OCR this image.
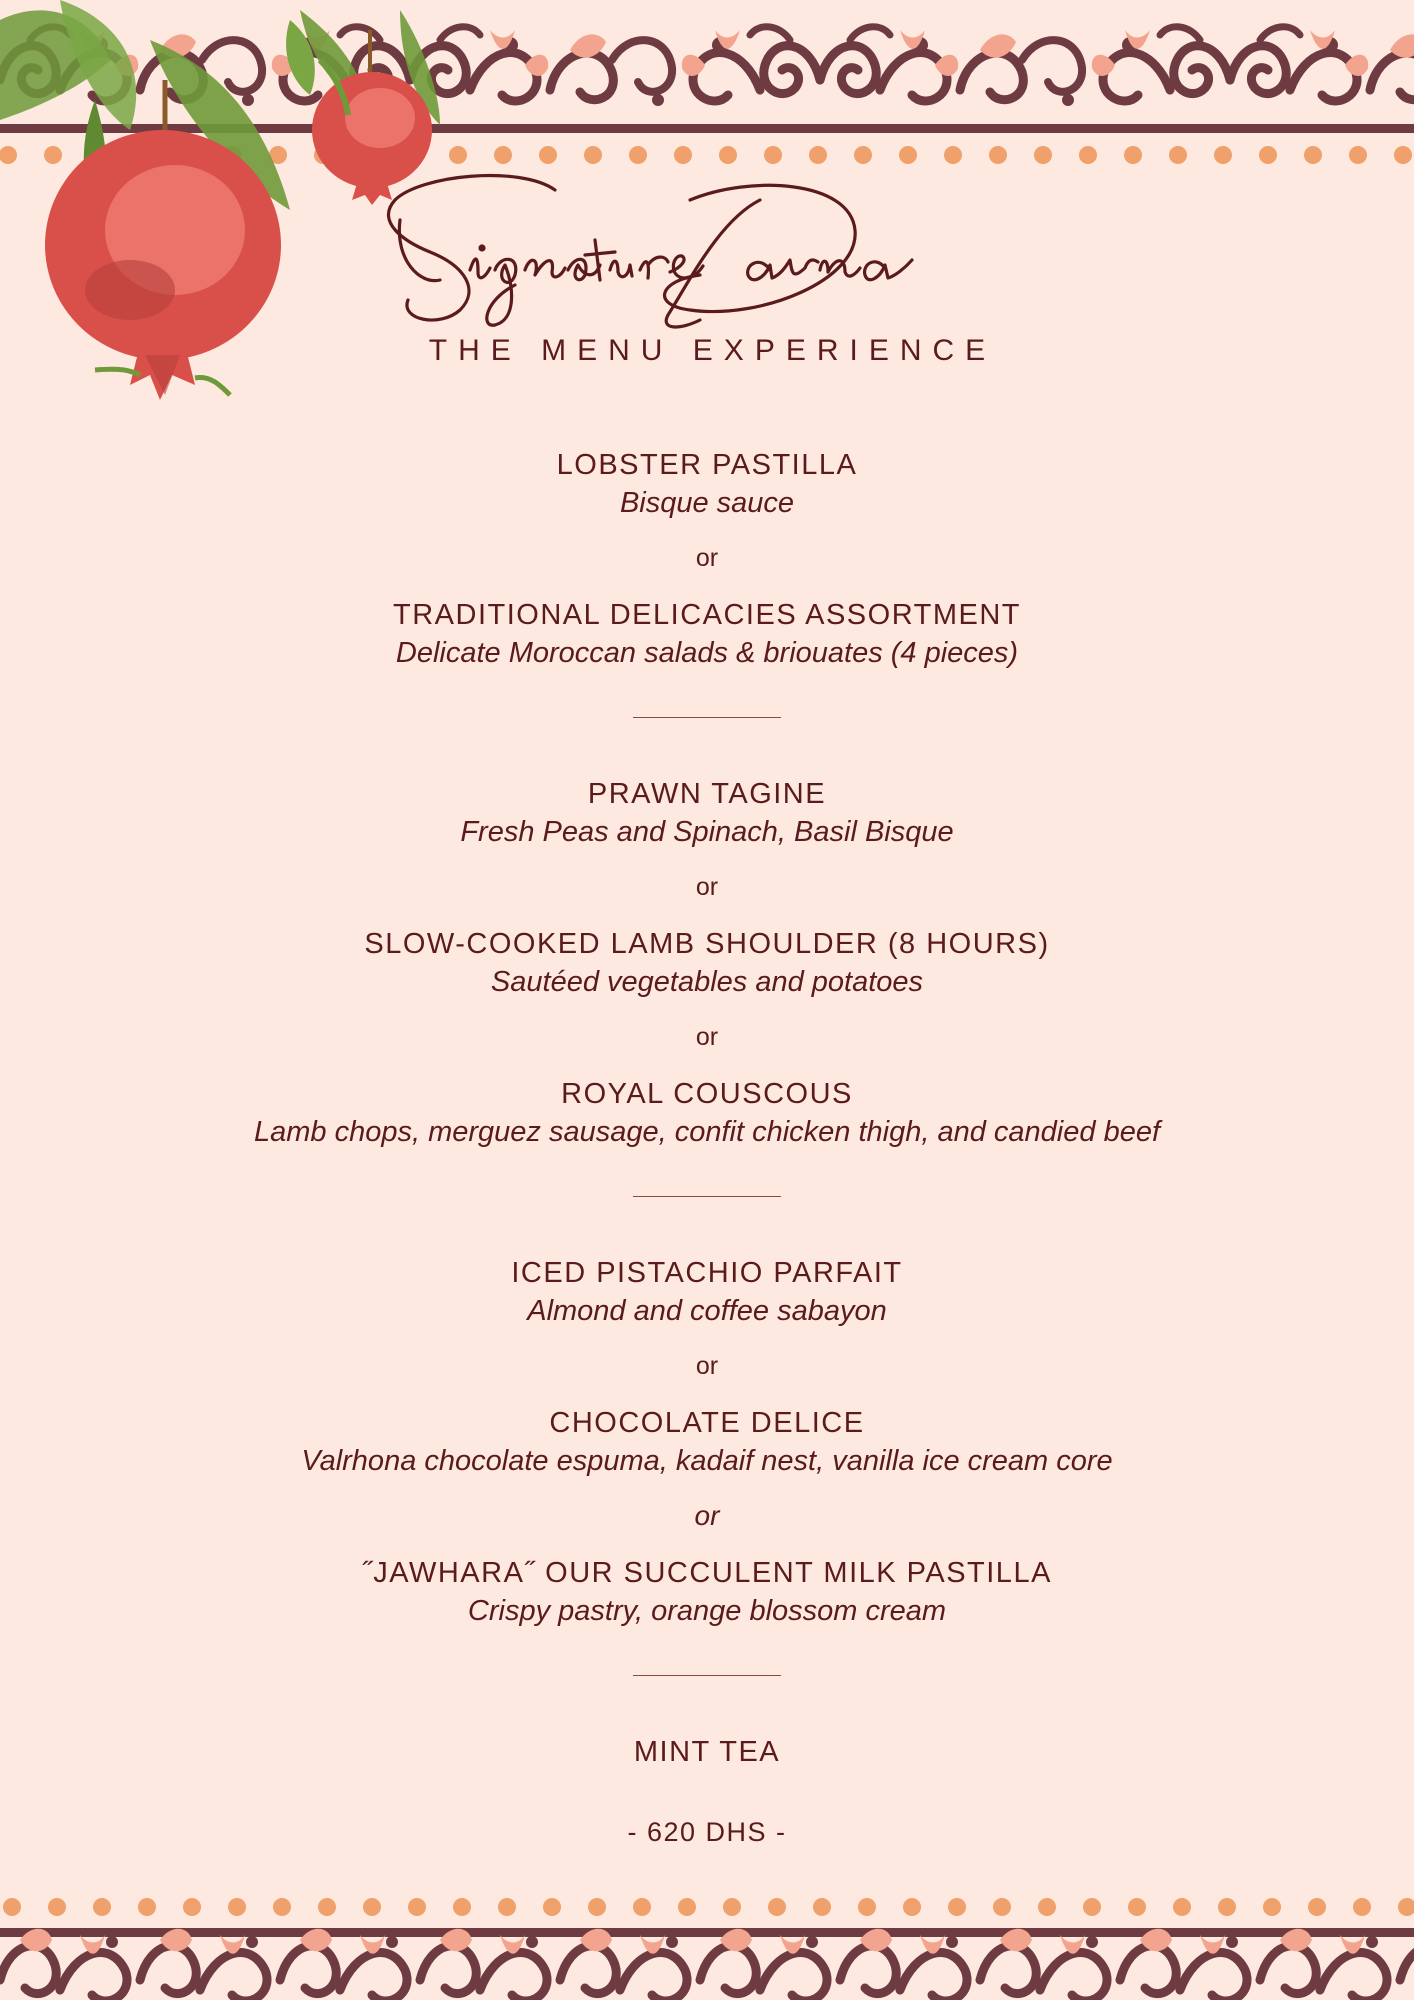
THE MENU EXPERIENCE

LOBSTER PASTILLA

Bisque sauce

or

TRADITIONAL DELICACIES ASSORTMENT

Delicate Moroccan salads & briouates (4 pieces)

PRAWN TAGINE

Fresh Peas and Spinach, Basil Bisque

or

SLOW-COOKED LAMB SHOULDER (8 HOURS)

Sautéed vegetables and potatoes

or

ROYAL COUSCOUS

Lamb chops, merguez sausage, confit chicken thigh, and candied beef

ICED PISTACHIO PARFAIT

Almond and coffee sabayon

or

CHOCOLATE DELICE

Valrhona chocolate espuma, kadaif nest, vanilla ice cream core

or

˝JAWHARA˝ OUR SUCCULENT MILK PASTILLA

Crispy pastry, orange blossom cream

MINT TEA

- 620 DHS -
